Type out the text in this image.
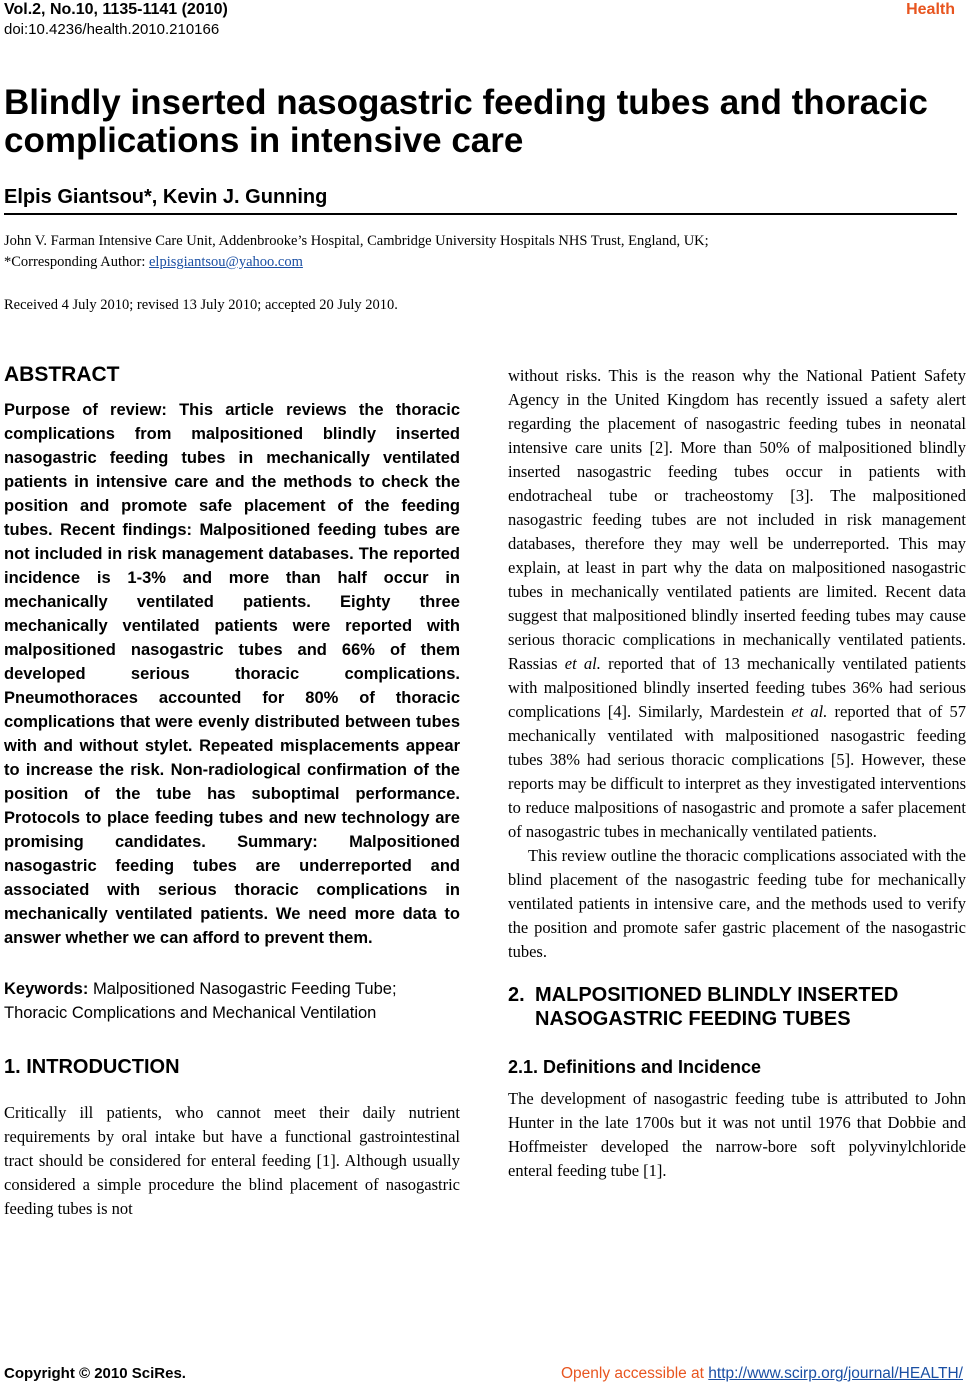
Vol.2, No.10, 1135-1141 (2010)
doi:10.4236/health.2010.210166
Health
Blindly inserted nasogastric feeding tubes and thoracic complications in intensive care
Elpis Giantsou*, Kevin J. Gunning
John V. Farman Intensive Care Unit, Addenbrooke’s Hospital, Cambridge University Hospitals NHS Trust, England, UK;
*Corresponding Author: elpisgiantsou@yahoo.com
Received 4 July 2010; revised 13 July 2010; accepted 20 July 2010.
ABSTRACT

Purpose of review: This article reviews the thoracic complications from malpositioned blindly inserted nasogastric feeding tubes in mechanically ventilated patients in intensive care and the methods to check the position and promote safe placement of the feeding tubes. Recent findings: Malpositioned feeding tubes are not included in risk management databases. The reported incidence is 1-3% and more than half occur in mechanically ventilated patients. Eighty three mechanically ventilated patients were reported with malpositioned nasogastric tubes and 66% of them developed serious thoracic complications. Pneumothoraces accounted for 80% of thoracic complications that were evenly distributed between tubes with and without stylet. Repeated misplacements appear to increase the risk. Non-radiological confirmation of the position of the tube has suboptimal performance. Protocols to place feeding tubes and new technology are promising candidates. Summary: Malpositioned nasogastric feeding tubes are underreported and associated with serious thoracic complications in mechanically ventilated patients. We need more data to answer whether we can afford to prevent them.

Keywords: Malpositioned Nasogastric Feeding Tube; Thoracic Complications and Mechanical Ventilation

1. INTRODUCTION

Critically ill patients, who cannot meet their daily nutrient requirements by oral intake but have a functional gastrointestinal tract should be considered for enteral feeding [1]. Although usually considered a simple procedure the blind placement of nasogastric feeding tubes is not

without risks. This is the reason why the National Patient Safety Agency in the United Kingdom has recently issued a safety alert regarding the placement of nasogastric feeding tubes in neonatal intensive care units [2]. More than 50% of malpositioned blindly inserted nasogastric feeding tubes occur in patients with endotracheal tube or tracheostomy [3]. The malpositioned nasogastric feeding tubes are not included in risk management databases, therefore they may well be underreported. This may explain, at least in part why the data on malpositioned nasogastric tubes in mechanically ventilated patients are limited. Recent data suggest that malpositioned blindly inserted feeding tubes may cause serious thoracic complications in mechanically ventilated patients. Rassias et al. reported that of 13 mechanically ventilated patients with malpositioned blindly inserted feeding tubes 36% had serious complications [4]. Similarly, Mardestein et al. reported that of 57 mechanically ventilated with malpositioned nasogastric feeding tubes 38% had serious thoracic complications [5]. However, these reports may be difficult to interpret as they investigated interventions to reduce malpositions of nasogastric and promote a safer placement of nasogastric tubes in mechanically ventilated patients.

This review outline the thoracic complications associated with the blind placement of the nasogastric feeding tube for mechanically ventilated patients in intensive care, and the methods used to verify the position and promote safer gastric placement of the nasogastric tubes.

2. MALPOSITIONED BLINDLY INSERTED NASOGASTRIC FEEDING TUBES
2.1. Definitions and Incidence

The development of nasogastric feeding tube is attributed to John Hunter in the late 1700s but it was not until 1976 that Dobbie and Hoffmeister developed the narrow-bore soft polyvinylchloride enteral feeding tube [1].

Copyright © 2010 SciRes.	Openly accessible at http://www.scirp.org/journal/HEALTH/
